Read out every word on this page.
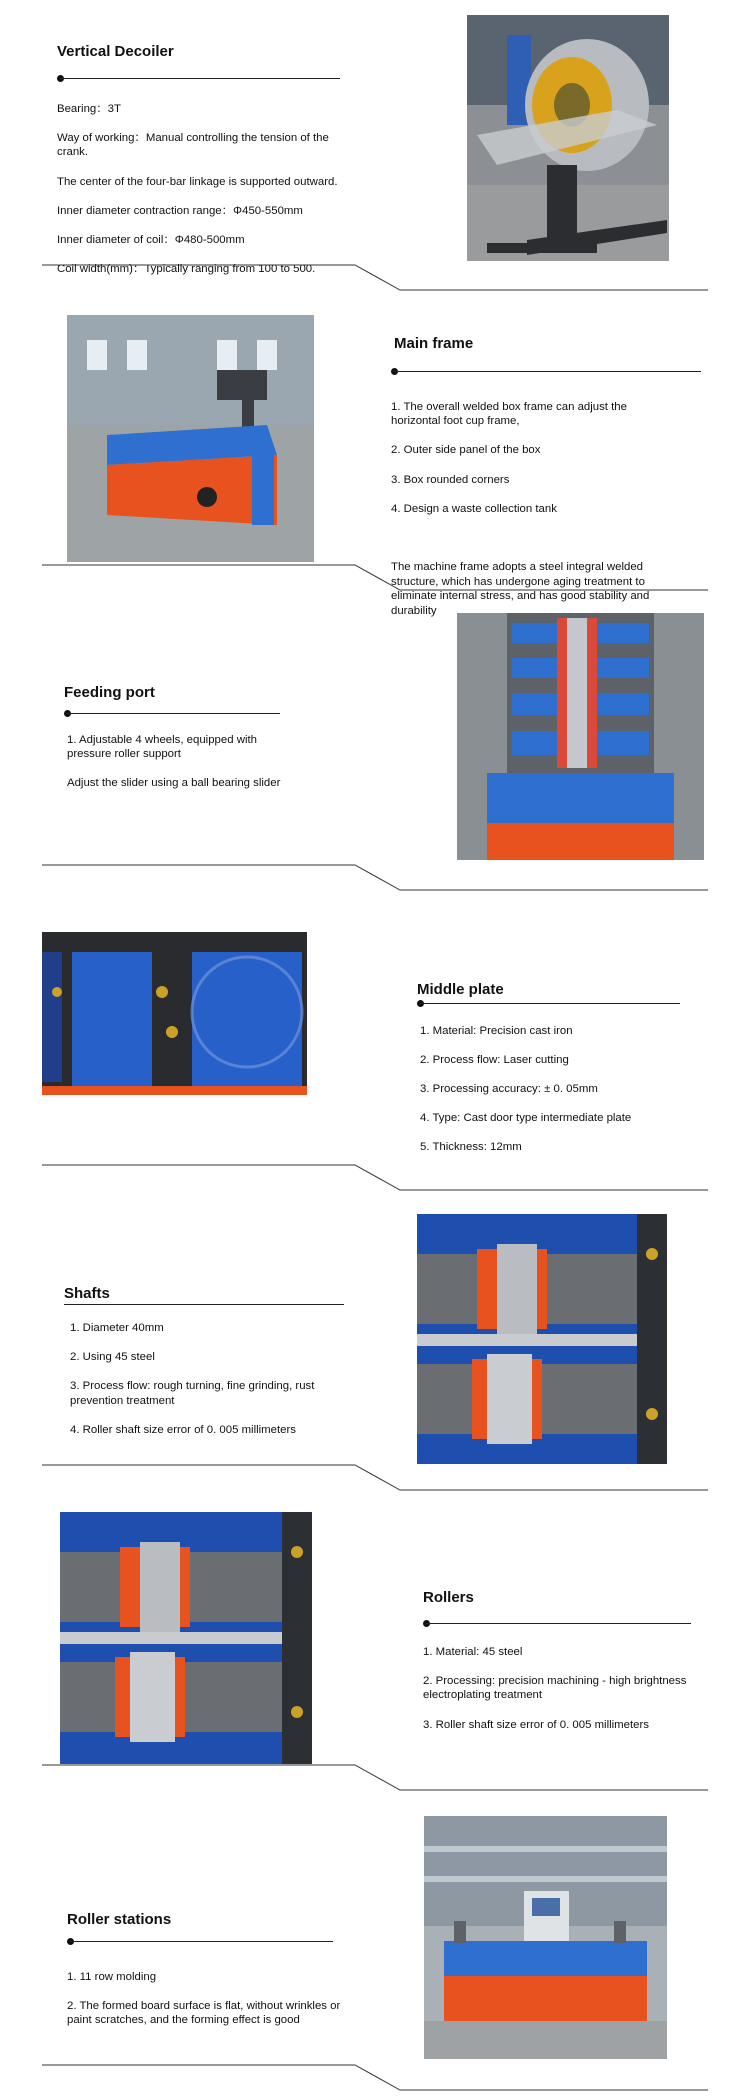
Vertical Decoiler

Bearing：3T

Way of working：Manual controlling the tension of the crank.

The center of the four-bar linkage is supported outward.

Inner diameter contraction range：Φ450-550mm

Inner diameter of coil：Φ480-500mm

Coil width(mm)：Typically ranging from 100 to 500.

Main frame

1. The overall welded box frame can adjust the horizontal foot cup frame,

2. Outer side panel of the box

3. Box rounded corners

4. Design a waste collection tank

The machine frame adopts a steel integral welded structure, which has undergone aging treatment to eliminate internal stress, and has good stability and durability

Feeding port

1. Adjustable 4 wheels, equipped with pressure roller support

Adjust the slider using a ball bearing slider

Middle plate

1. Material: Precision cast iron

2. Process flow: Laser cutting

3. Processing accuracy: ± 0. 05mm

4. Type: Cast door type intermediate plate

5. Thickness: 12mm

Shafts

1. Diameter 40mm

2. Using 45 steel

3. Process flow: rough turning, fine grinding, rust prevention treatment

4. Roller shaft size error of 0. 005 millimeters

Rollers

1. Material: 45 steel

2. Processing: precision machining - high brightness electroplating treatment

3. Roller shaft size error of 0. 005 millimeters

Roller stations

1. 11 row molding

2. The formed board surface is flat, without wrinkles or paint scratches, and the forming effect is good
